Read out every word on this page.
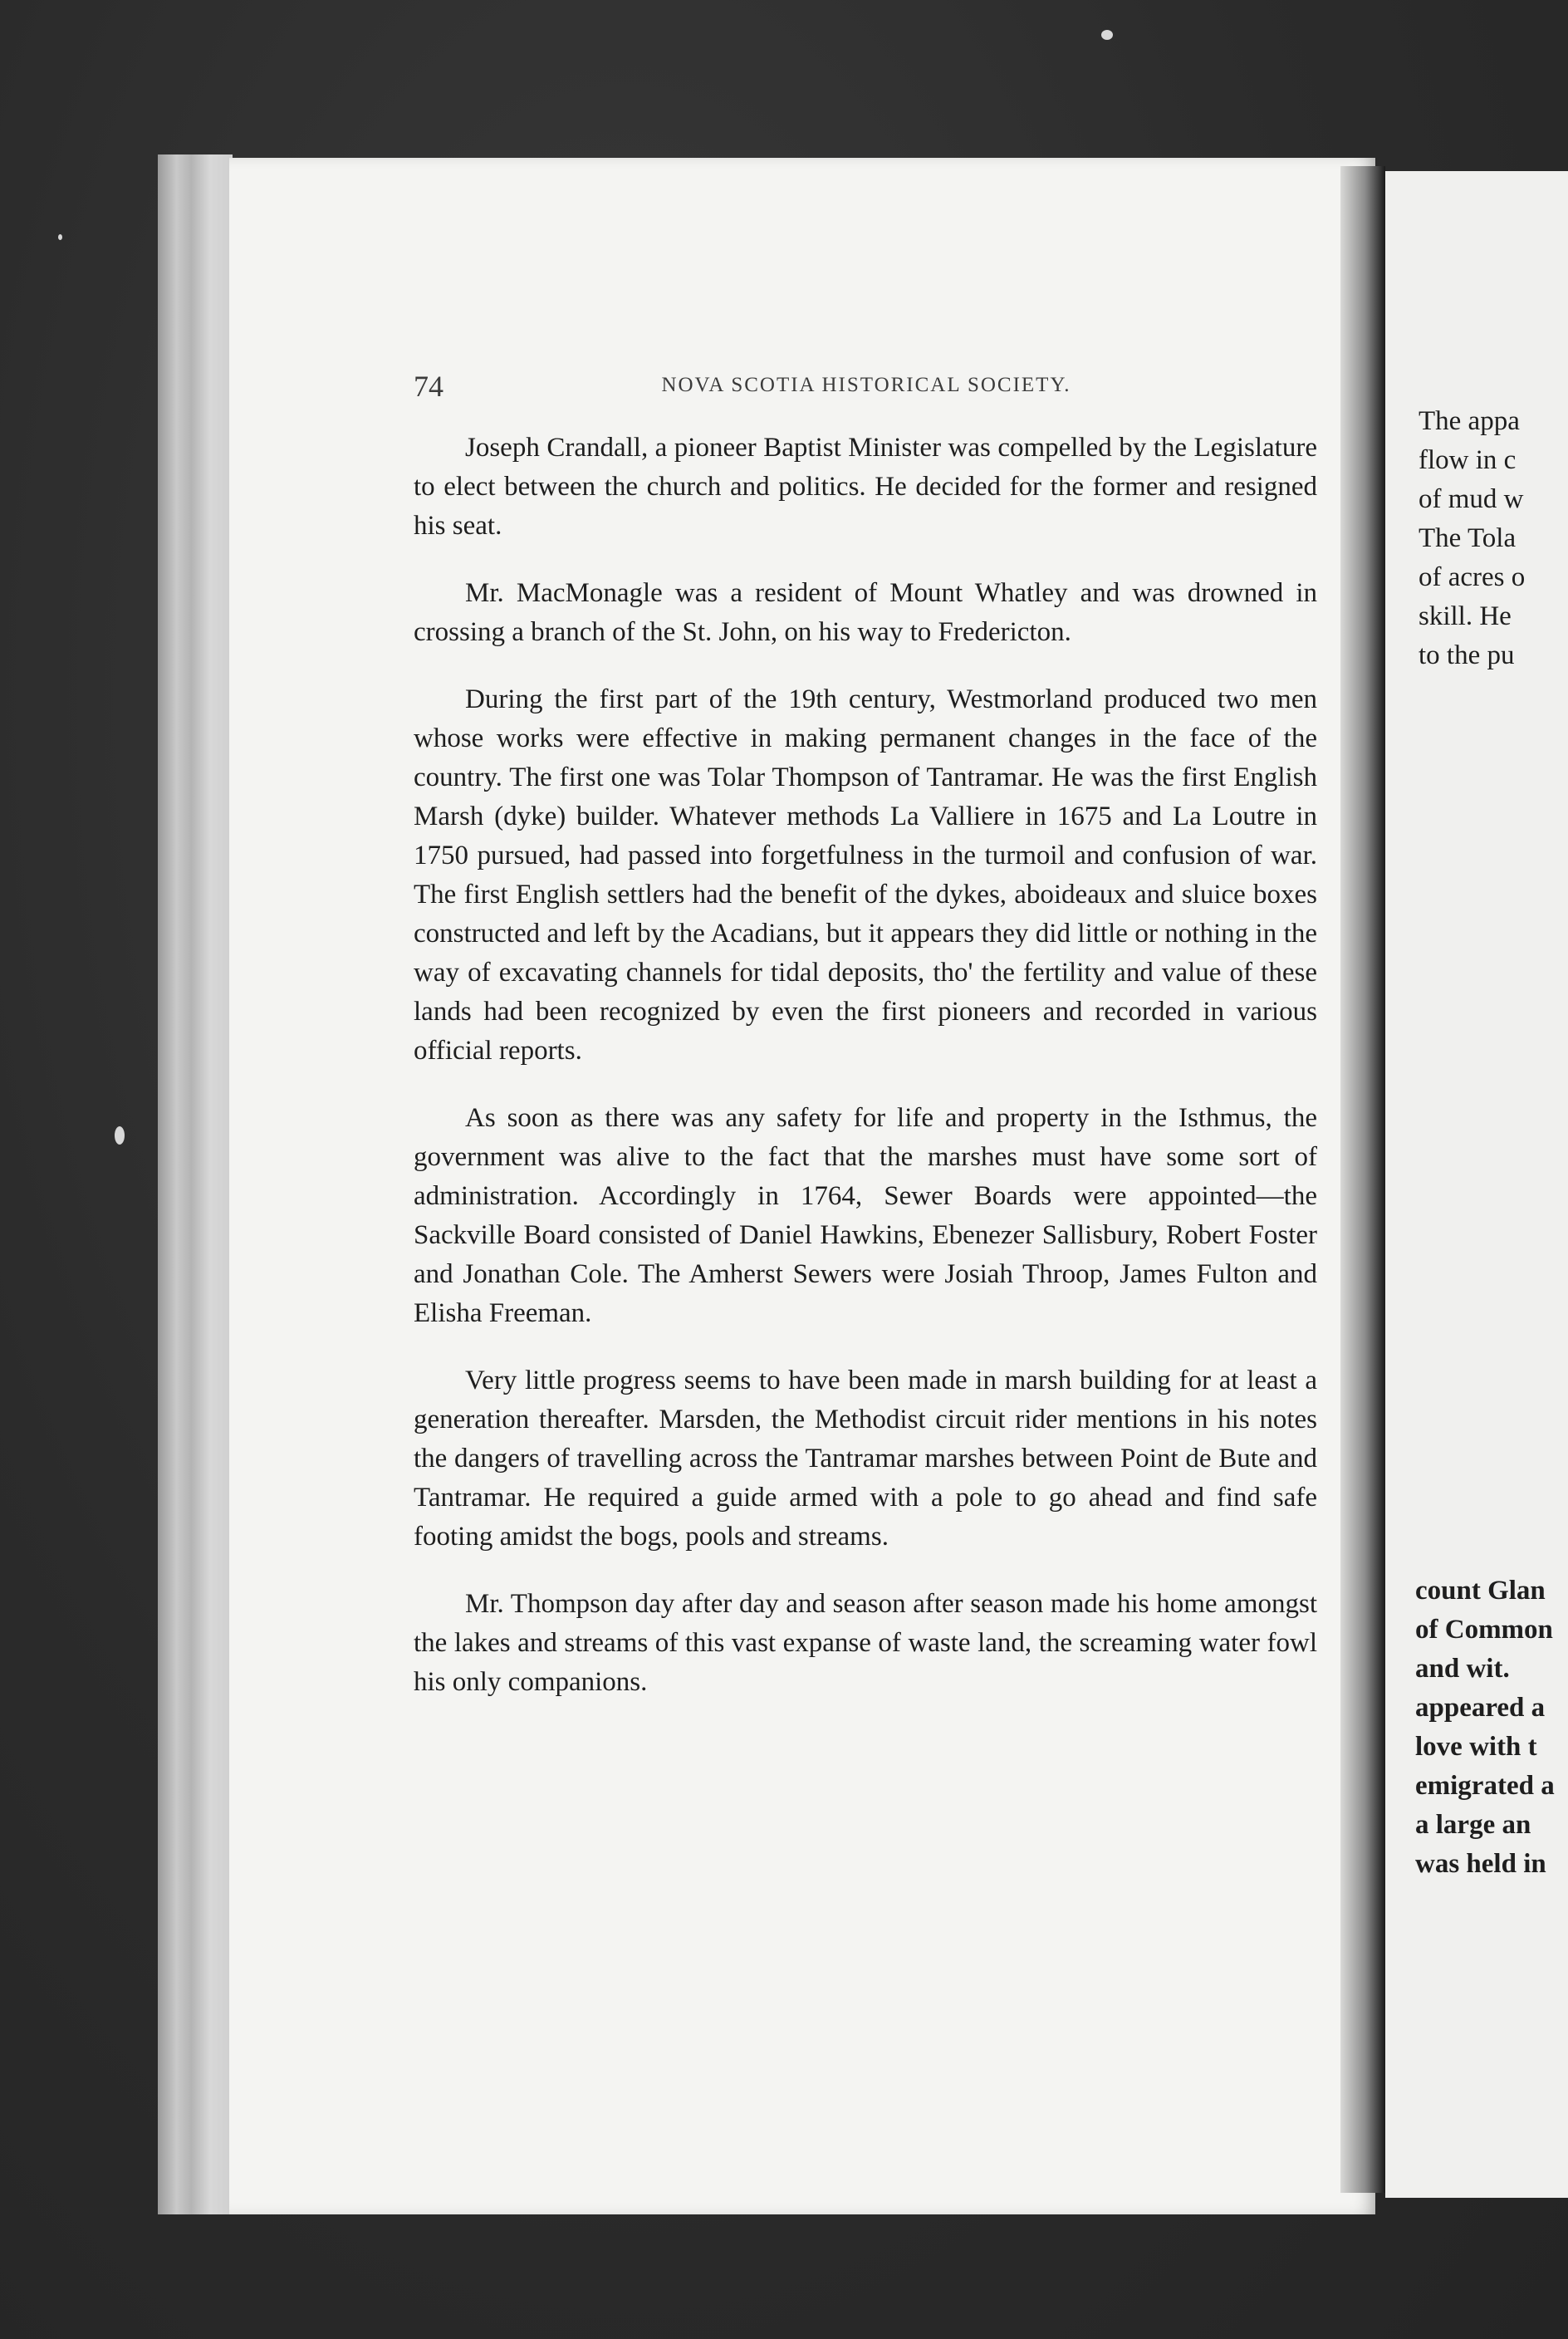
The appa
flow in c
of mud w
The Tola
of acres o
skill. He
to the pu
count Glan
of Common
and wit.
appeared a
love with t
emigrated a
a large an
was held in
74	NOVA SCOTIA HISTORICAL SOCIETY.

Joseph Crandall, a pioneer Baptist Minister was compelled by the Legislature to elect between the church and politics. He decided for the former and resigned his seat.

Mr. MacMonagle was a resident of Mount Whatley and was drowned in crossing a branch of the St. John, on his way to Fredericton.

During the first part of the 19th century, Westmorland produced two men whose works were effective in making permanent changes in the face of the country. The first one was Tolar Thompson of Tantramar. He was the first English Marsh (dyke) builder. Whatever methods La Valliere in 1675 and La Loutre in 1750 pursued, had passed into forgetfulness in the turmoil and confusion of war. The first English settlers had the benefit of the dykes, aboideaux and sluice boxes constructed and left by the Acadians, but it appears they did little or nothing in the way of excavating channels for tidal deposits, tho' the fertility and value of these lands had been recognized by even the first pioneers and recorded in various official reports.

As soon as there was any safety for life and property in the Isthmus, the government was alive to the fact that the marshes must have some sort of administration. Accordingly in 1764, Sewer Boards were appointed—the Sackville Board consisted of Daniel Hawkins, Ebenezer Sallisbury, Robert Foster and Jonathan Cole. The Amherst Sewers were Josiah Throop, James Fulton and Elisha Freeman.

Very little progress seems to have been made in marsh building for at least a generation thereafter. Marsden, the Methodist circuit rider mentions in his notes the dangers of travelling across the Tantramar marshes between Point de Bute and Tantramar. He required a guide armed with a pole to go ahead and find safe footing amidst the bogs, pools and streams.

Mr. Thompson day after day and season after season made his home amongst the lakes and streams of this vast expanse of waste land, the screaming water fowl his only companions.
